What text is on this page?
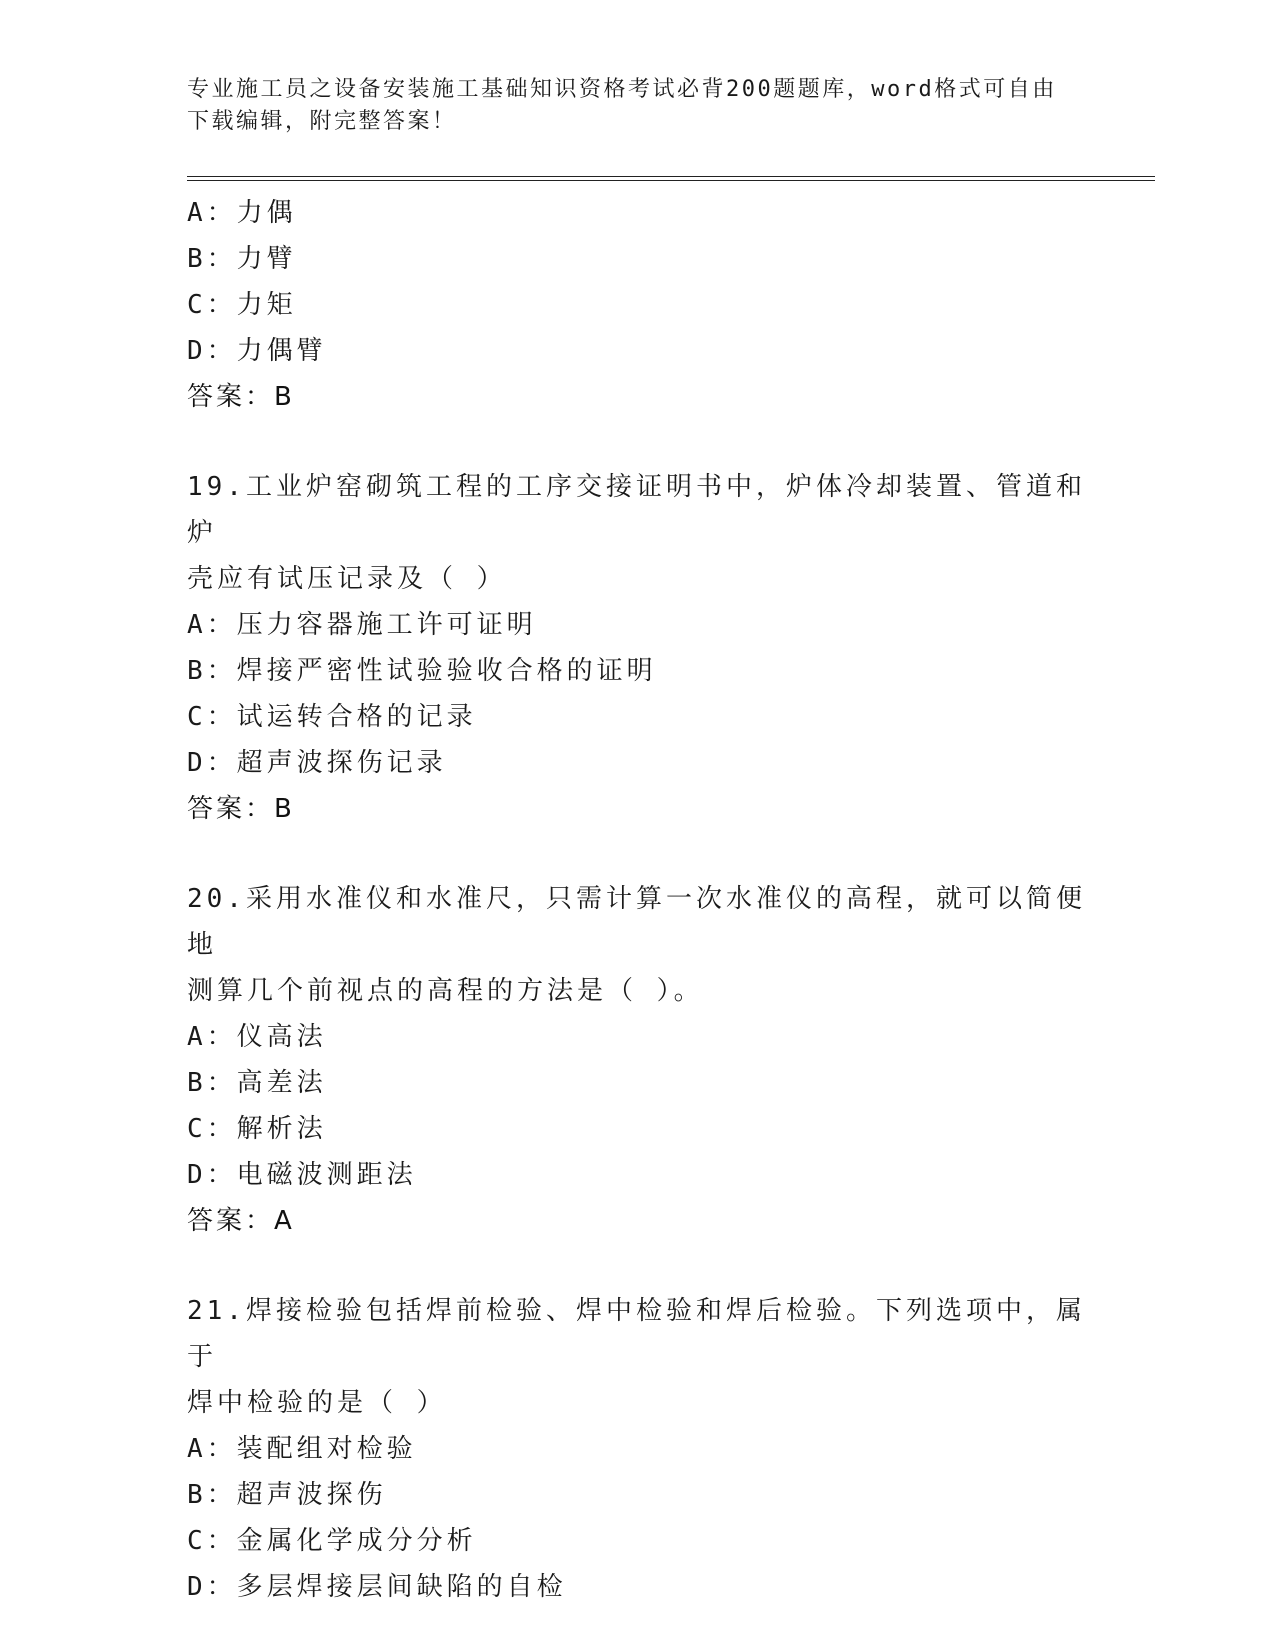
专业施工员之设备安装施工基础知识资格考试必背200题题库，word格式可自由
下载编辑，附完整答案！
A：力偶
B：力臂
C：力矩
D：力偶臂
答案：B
19.工业炉窑砌筑工程的工序交接证明书中，炉体冷却装置、管道和炉
壳应有试压记录及（ ）
A：压力容器施工许可证明
B：焊接严密性试验验收合格的证明
C：试运转合格的记录
D：超声波探伤记录
答案：B
20.采用水准仪和水准尺，只需计算一次水准仪的高程，就可以简便地
测算几个前视点的高程的方法是（ ）。
A：仪高法
B：高差法
C：解析法
D：电磁波测距法
答案：A
21.焊接检验包括焊前检验、焊中检验和焊后检验。下列选项中，属于
焊中检验的是（ ）
A：装配组对检验
B：超声波探伤
C：金属化学成分分析
D：多层焊接层间缺陷的自检
